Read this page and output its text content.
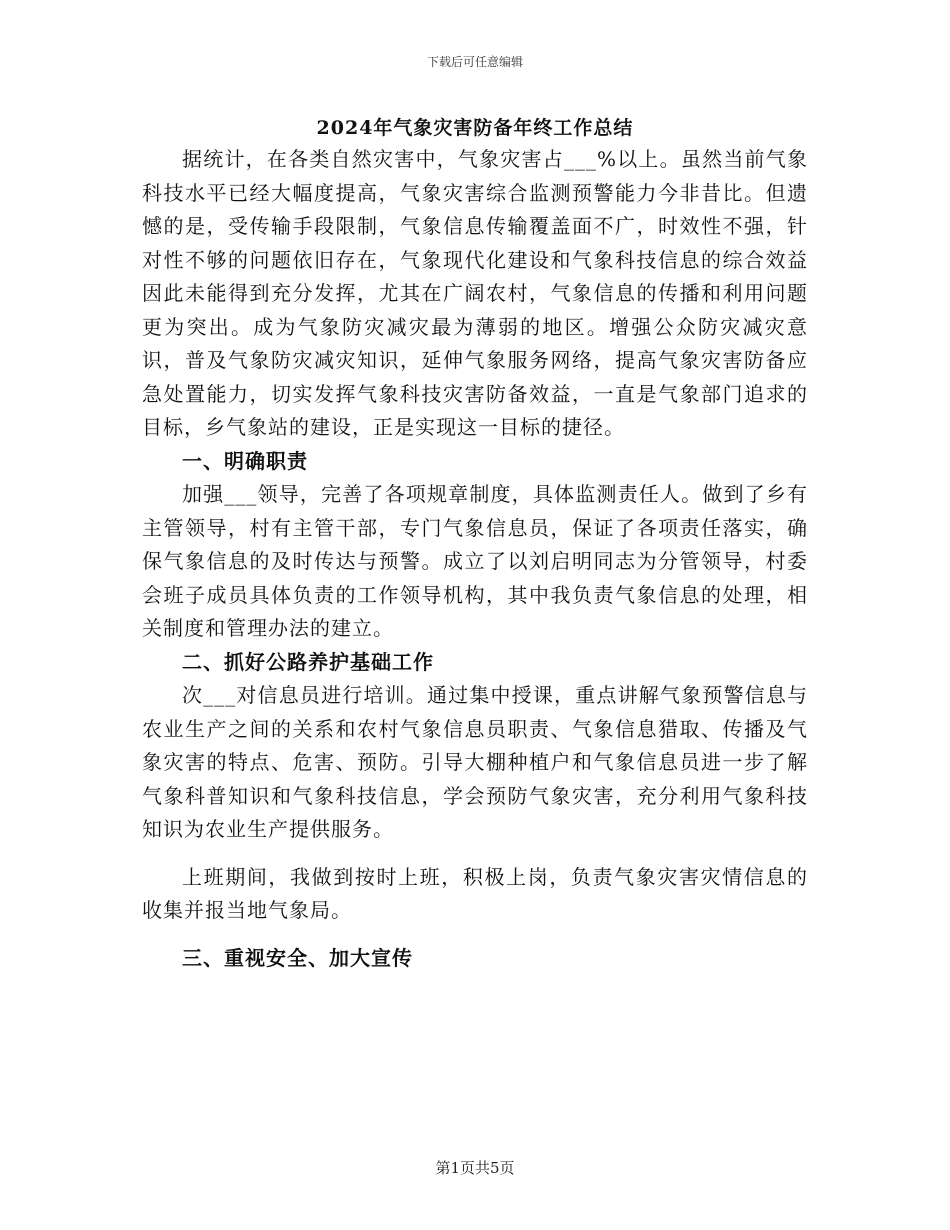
下载后可任意编辑
2024年气象灾害防备年终工作总结

据统计，在各类自然灾害中，气象灾害占___%以上。虽然当前气象科技水平已经大幅度提高，气象灾害综合监测预警能力今非昔比。但遗憾的是，受传输手段限制，气象信息传输覆盖面不广，时效性不强，针对性不够的问题依旧存在，气象现代化建设和气象科技信息的综合效益因此未能得到充分发挥，尤其在广阔农村，气象信息的传播和利用问题更为突出。成为气象防灾减灾最为薄弱的地区。增强公众防灾减灾意识，普及气象防灾减灾知识，延伸气象服务网络，提高气象灾害防备应急处置能力，切实发挥气象科技灾害防备效益，一直是气象部门追求的目标，乡气象站的建设，正是实现这一目标的捷径。

一、明确职责

加强___领导，完善了各项规章制度，具体监测责任人。做到了乡有主管领导，村有主管干部，专门气象信息员，保证了各项责任落实，确保气象信息的及时传达与预警。成立了以刘启明同志为分管领导，村委会班子成员具体负责的工作领导机构，其中我负责气象信息的处理，相关制度和管理办法的建立。

二、抓好公路养护基础工作

次___对信息员进行培训。通过集中授课，重点讲解气象预警信息与农业生产之间的关系和农村气象信息员职责、气象信息猎取、传播及气象灾害的特点、危害、预防。引导大棚种植户和气象信息员进一步了解气象科普知识和气象科技信息，学会预防气象灾害，充分利用气象科技知识为农业生产提供服务。

上班期间，我做到按时上班，积极上岗，负责气象灾害灾情信息的收集并报当地气象局。

三、重视安全、加大宣传

第1页共5页
